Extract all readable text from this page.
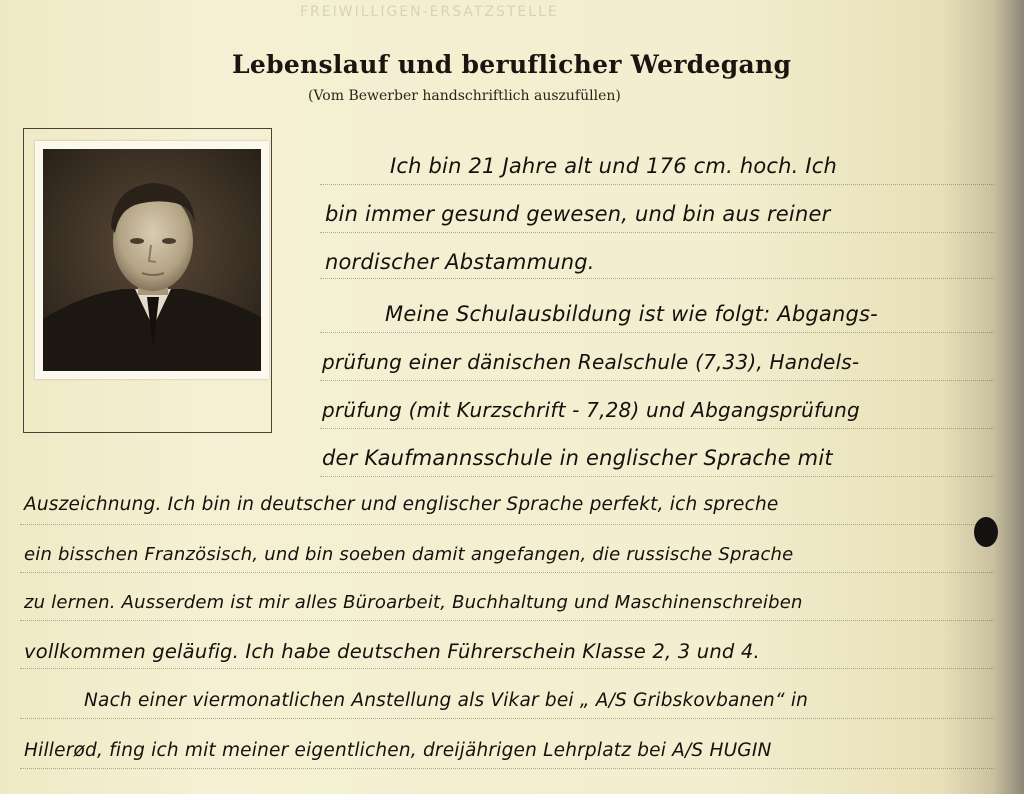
FREIWILLIGEN-ERSATZSTELLE
Lebenslauf und beruflicher Werdegang
(Vom Bewerber handschriftlich auszufüllen)
Ich bin 21 Jahre alt und 176 cm. hoch. Ich
bin immer gesund gewesen, und bin aus reiner
nordischer Abstammung.
Meine Schulausbildung ist wie folgt: Abgangs-
prüfung einer dänischen Realschule (7,33), Handels-
prüfung (mit Kurzschrift - 7,28) und Abgangsprüfung
der Kaufmannsschule in englischer Sprache mit
Auszeichnung. Ich bin in deutscher und englischer Sprache perfekt, ich spreche
ein bisschen Französisch, und bin soeben damit angefangen, die russische Sprache
zu lernen. Ausserdem ist mir alles Büroarbeit, Buchhaltung und Maschinenschreiben
vollkommen geläufig. Ich habe deutschen Führerschein Klasse 2, 3 und 4.
Nach einer viermonatlichen Anstellung als Vikar bei „ A/S Gribskovbanen“ in
Hillerød, fing ich mit meiner eigentlichen, dreijährigen Lehrplatz bei A/S HUGIN
